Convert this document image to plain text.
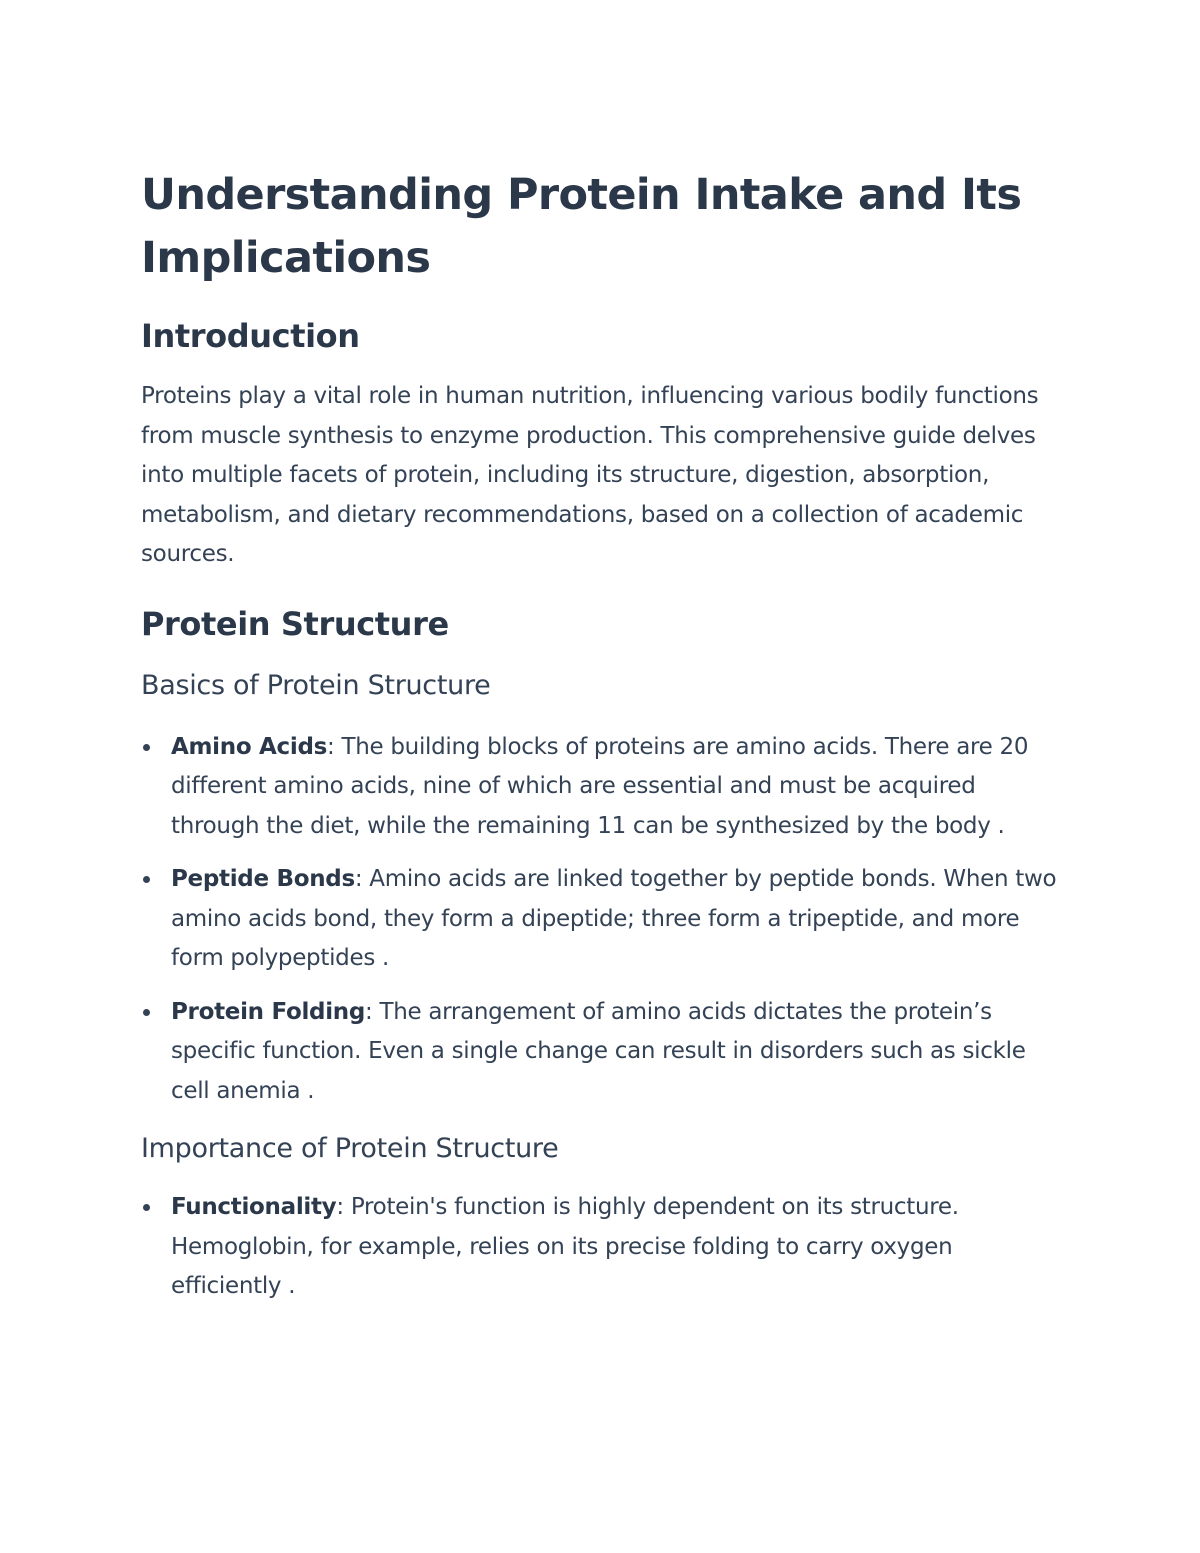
Understanding Protein Intake and Its Implications
Introduction

Proteins play a vital role in human nutrition, influencing various bodily functions from muscle synthesis to enzyme production. This comprehensive guide delves into multiple facets of protein, including its structure, digestion, absorption, metabolism, and dietary recommendations, based on a collection of academic sources.

Protein Structure
Basics of Protein Structure
Amino Acids: The building blocks of proteins are amino acids. There are 20 different amino acids, nine of which are essential and must be acquired through the diet, while the remaining 11 can be synthesized by the body .
Peptide Bonds: Amino acids are linked together by peptide bonds. When two amino acids bond, they form a dipeptide; three form a tripeptide, and more form polypeptides .
Protein Folding: The arrangement of amino acids dictates the protein’s specific function. Even a single change can result in disorders such as sickle cell anemia .
Importance of Protein Structure
Functionality: Protein's function is highly dependent on its structure. Hemoglobin, for example, relies on its precise folding to carry oxygen efficiently .
